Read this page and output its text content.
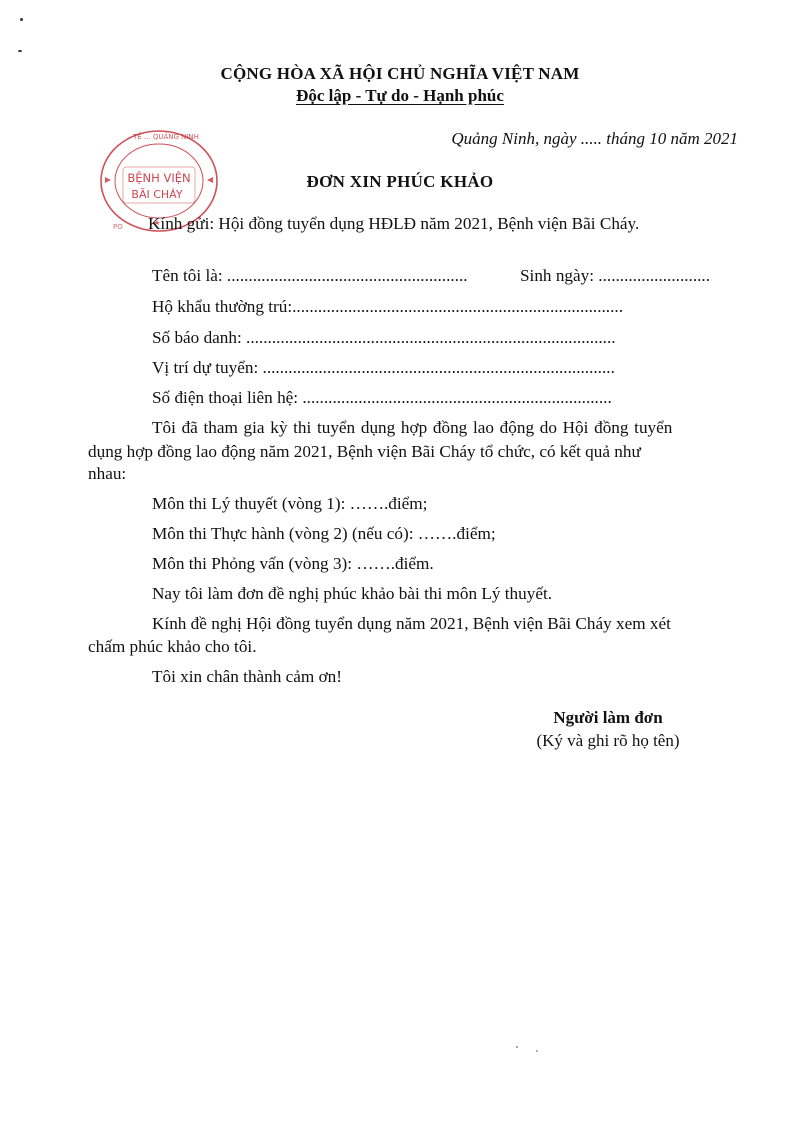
CỘNG HÒA XÃ HỘI CHỦ NGHĨA VIỆT NAM
Độc lập - Tự do - Hạnh phúc
Quảng Ninh, ngày ..... tháng 10 năm 2021
TẾ ... QUẢNG NINH
BỆNH VIỆN
BÃI CHÁY
PO
ĐƠN XIN PHÚC KHẢO
Kính gửi: Hội đồng tuyển dụng HĐLĐ năm 2021, Bệnh viện Bãi Cháy.
Tên tôi là: ........................................................	Sinh ngày: ..........................
Hộ khẩu thường trú:.............................................................................
Số báo danh: ......................................................................................
Vị trí dự tuyển: ..................................................................................
Số điện thoại liên hệ: ........................................................................
Tôi đã tham gia kỳ thi tuyển dụng hợp đồng lao động do Hội đồng tuyển
dụng hợp đồng lao động năm 2021, Bệnh viện Bãi Cháy tổ chức, có kết quả như
nhau:
Môn thi Lý thuyết (vòng 1): …….điểm;
Môn thi Thực hành (vòng 2) (nếu có): …….điểm;
Môn thi Phỏng vấn (vòng 3): …….điểm.
Nay tôi làm đơn đề nghị phúc khảo bài thi môn Lý thuyết.
Kính đề nghị Hội đồng tuyển dụng năm 2021, Bệnh viện Bãi Cháy xem xét
chấm phúc khảo cho tôi.
Tôi xin chân thành cảm ơn!
Người làm đơn
(Ký và ghi rõ họ tên)
